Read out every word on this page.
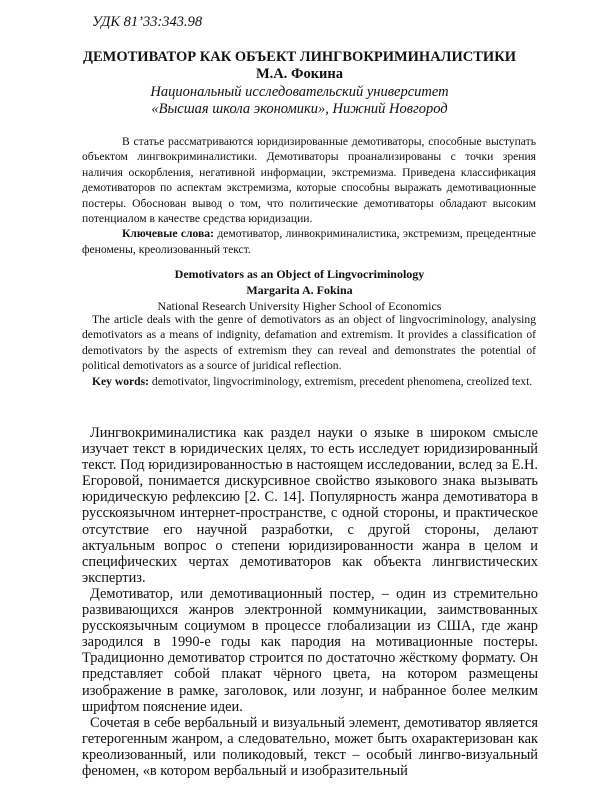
УДК 81’33:343.98
ДЕМОТИВАТОР КАК ОБЪЕКТ ЛИНГВОКРИМИНАЛИСТИКИ
М.А. Фокина
Национальный исследовательский университет
«Высшая школа экономики», Нижний Новгород

В статье рассматриваются юридизированные демотиваторы, способные выступать объектом лингвокриминалистики. Демотиваторы проанализированы с точки зрения наличия оскорбления, негативной информации, экстремизма. Приведена классификация демотиваторов по аспектам экстремизма, которые способны выражать демотивационные постеры. Обоснован вывод о том, что политические демотиваторы обладают высоким потенциалом в качестве средства юридизации.

Ключевые слова: демотиватор, линвокриминалистика, экстремизм, прецедентные феномены, креолизованный текст.

Demotivators as an Object of Lingvocriminology
Margarita A. Fokina
National Research University Higher School of Economics

The article deals with the genre of demotivators as an object of lingvocriminology, analysing demotivators as a means of indignity, defamation and extremism. It provides a classification of demotivators by the aspects of extremism they can reveal and demonstrates the potential of political demotivators as a source of juridical reflection.

Key words: demotivator, lingvocriminology, extremism, precedent phenomena, creolized text.

Лингвокриминалистика как раздел науки о языке в широком смысле изучает текст в юридических целях, то есть исследует юридизированный текст. Под юридизированностью в настоящем исследовании, вслед за Е.Н. Егоровой, понимается дискурсивное свойство языкового знака вызывать юридическую рефлексию [2. С. 14]. Популярность жанра демотиватора в русскоязычном интернет-пространстве, с одной стороны, и практическое отсутствие его научной разработки, с другой стороны, делают актуальным вопрос о степени юридизированности жанра в целом и специфических чертах демотиваторов как объекта лингвистических экспертиз.

Демотиватор, или демотивационный постер, – один из стремительно развивающихся жанров электронной коммуникации, заимствованных русскоязычным социумом в процессе глобализации из США, где жанр зародился в 1990-е годы как пародия на мотивационные постеры. Традиционно демотиватор строится по достаточно жёсткому формату. Он представляет собой плакат чёрного цвета, на котором размещены изображение в рамке, заголовок, или лозунг, и набранное более мелким шрифтом пояснение идеи.

Сочетая в себе вербальный и визуальный элемент, демотиватор является гетерогенным жанром, а следовательно, может быть охарактеризован как креолизованный, или поликодовый, текст – особый лингво-визуальный феномен, «в котором вербальный и изобразительный
